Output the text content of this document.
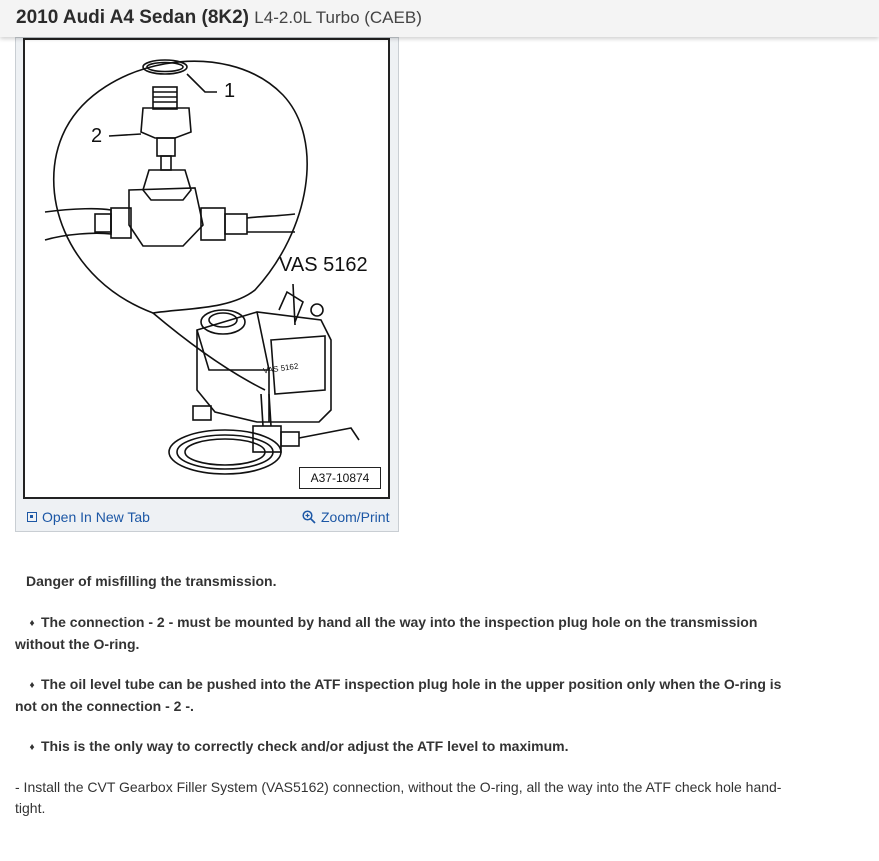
2010 Audi A4 Sedan (8K2) L4-2.0L Turbo (CAEB)
1
2
VAS 5162
VAS 5162
A37-10874
Open In New Tab	Zoom/Print
Danger of misfilling the transmission.
♦ The connection - 2 - must be mounted by hand all the way into the inspection plug hole on the transmission without the O-ring.
♦ The oil level tube can be pushed into the ATF inspection plug hole in the upper position only when the O-ring is not on the connection - 2 -.
♦ This is the only way to correctly check and/or adjust the ATF level to maximum.
- Install the CVT Gearbox Filler System (VAS5162) connection, without the O-ring, all the way into the ATF check hole hand-tight.
